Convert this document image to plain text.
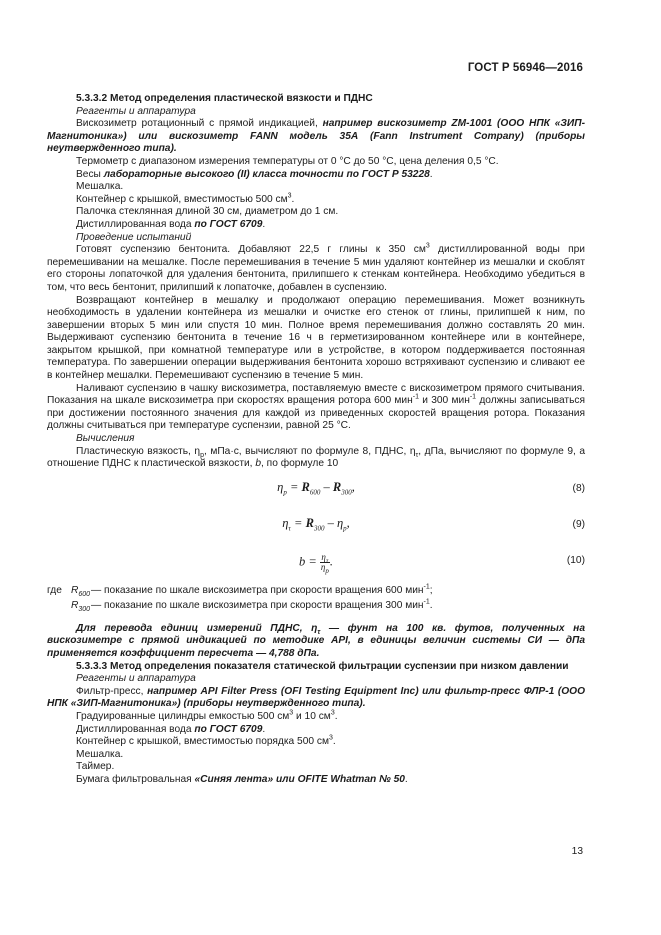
ГОСТ Р 56946—2016

5.3.3.2 Метод определения пластической вязкости и ПДНС

Реагенты и аппаратура

Вискозиметр ротационный с прямой индикацией, например вискозиметр ZM-1001 (ООО НПК «ЗИП-Магнитоника») или вискозиметр FANN модель 35А (Fann Instrument Company) (приборы неутвержденного типа).

Термометр с диапазоном измерения температуры от 0 °С до 50 °С, цена деления 0,5 °С.

Весы лабораторные высокого (II) класса точности по ГОСТ Р 53228.

Мешалка.

Контейнер с крышкой, вместимостью 500 $см^3$.

Палочка стеклянная длиной 30 см, диаметром до 1 см.

Дистиллированная вода по ГОСТ 6709.

Проведение испытаний

Готовят суспензию бентонита. Добавляют 22,5 г глины к 350 $см^3$ дистиллированной воды при перемешивании на мешалке. После перемешивания в течение 5 мин удаляют контейнер из мешалки и скоблят его стороны лопаточкой для удаления бентонита, прилипшего к стенкам контейнера. Необходимо убедиться в том, что весь бентонит, прилипший к лопаточке, добавлен в суспензию.

Возвращают контейнер в мешалку и продолжают операцию перемешивания. Может возникнуть необходимость в удалении контейнера из мешалки и очистке его стенок от глины, прилипшей к ним, по завершении вторых 5 мин или спустя 10 мин. Полное время перемешивания должно составлять 20 мин. Выдерживают суспензию бентонита в течение 16 ч в герметизированном контейнере или в контейнере, закрытом крышкой, при комнатной температуре или в устройстве, в котором поддерживается постоянная температура. По завершении операции выдерживания бентонита хорошо встряхивают суспензию и сливают ее в контейнер мешалки. Перемешивают суспензию в течение 5 мин.

Наливают суспензию в чашку вискозиметра, поставляемую вместе с вискозиметром прямого считывания. Показания на шкале вискозиметра при скоростях вращения ротора 600 мин$^{-1}$ и 300 мин$^{-1}$ должны записываться при достижении постоянного значения для каждой из приведенных скоростей вращения ротора. Показания должны считываться при температуре суспензии, равной 25 °С.

Вычисления

Пластическую вязкость, $\eta_p$, мПа·с, вычисляют по формуле 8, ПДНС, $\eta_\tau$, дПа, вычисляют по формуле 9, а отношение ПДНС к пластической вязкости, b, по формуле 10

$\eta_p = R_{600} - R_{300}$,	(8)
$\eta_\tau = R_{300} - \eta_p$,	(9)
$b = \frac{\eta_\tau}{\eta_p}$ .	(10)
где $R_{600}$ — показание по шкале вискозиметра при скорости вращения 600 мин$^{-1}$;
$R_{300}$ — показание по шкале вискозиметра при скорости вращения 300 мин$^{-1}$.

Для перевода единиц измерений ПДНС, $\eta_\tau$ — фунт на 100 кв. футов, полученных на вискозиметре с прямой индикацией по методике API, в единицы величин системы СИ — дПа применяется коэффициент пересчета — 4,788 дПа.

5.3.3.3 Метод определения показателя статической фильтрации суспензии при низком давлении

Реагенты и аппаратура

Фильтр-пресс, например API Filter Press (OFI Testing Equipment Inc) или фильтр-пресс ФЛР-1 (ООО НПК «ЗИП-Магнитоника») (приборы неутвержденного типа).

Градуированные цилиндры емкостью 500 $см^3$ и 10 $см^3$.

Дистиллированная вода по ГОСТ 6709.

Контейнер с крышкой, вместимостью порядка 500 $см^3$.

Мешалка.

Таймер.

Бумага фильтровальная «Синяя лента» или OFITE Whatman № 50.

13
